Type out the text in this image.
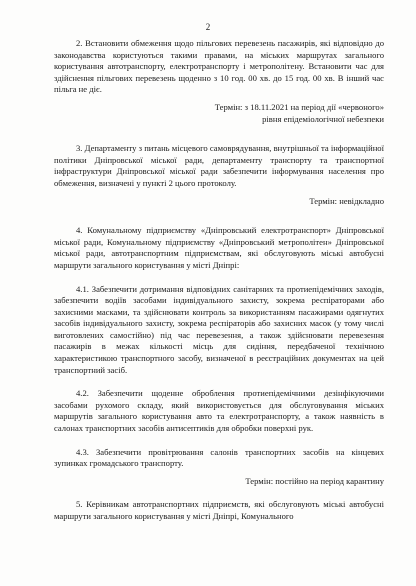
2

2. Встановити обмеження щодо пільгових перевезень пасажирів, які відповідно до законодавства користуються такими правами, на міських маршрутах загального користування автотранспорту, електротранспорту і метрополітену. Встановити час для здійснення пільгових перевезень щоденно з 10 год. 00 хв. до 15 год. 00 хв. В інший час пільга не діє.

Термін: з 18.11.2021 на період дії «червоного»

рівня епідеміологічної небезпеки

3. Департаменту з питань місцевого самоврядування, внутрішньої та інформаційної політики Дніпровської міської ради, департаменту транспорту та транспортної інфраструктури Дніпровської міської ради забезпечити інформування населення про обмеження, визначені у пункті 2 цього протоколу.

Термін: невідкладно

4. Комунальному підприємству «Дніпровський електротранспорт» Дніпровської міської ради, Комунальному підприємству «Дніпровський метрополітен» Дніпровської міської ради, автотранспортним підприємствам, які обслуговують міські автобусні маршрути загального користування у місті Дніпрі:

4.1. Забезпечити дотримання відповідних санітарних та протиепідемічних заходів, забезпечити водіїв засобами індивідуального захисту, зокрема респіраторами або захисними масками, та здійснювати контроль за використанням пасажирами одягнутих засобів індивідуального захисту, зокрема респіраторів або захисних масок (у тому числі виготовлених самостійно) під час перевезення, а також здійснювати перевезення пасажирів в межах кількості місць для сидіння, передбаченої технічною характеристикою транспортного засобу, визначеної в реєстраційних документах на цей транспортний засіб.

4.2. Забезпечити щоденне оброблення протиепідемічними дезінфікуючими засобами рухомого складу, який використовується для обслуговування міських маршрутів загального користування авто та електротранспорту, а також наявність в салонах транспортних засобів антисептиків для обробки поверхні рук.

4.3. Забезпечити провітрювання салонів транспортних засобів на кінцевих зупинках громадського транспорту.

Термін: постійно на період карантину

5. Керівникам автотранспортних підприємств, які обслуговують міські автобусні маршрути загального користування у місті Дніпрі, Комунального
